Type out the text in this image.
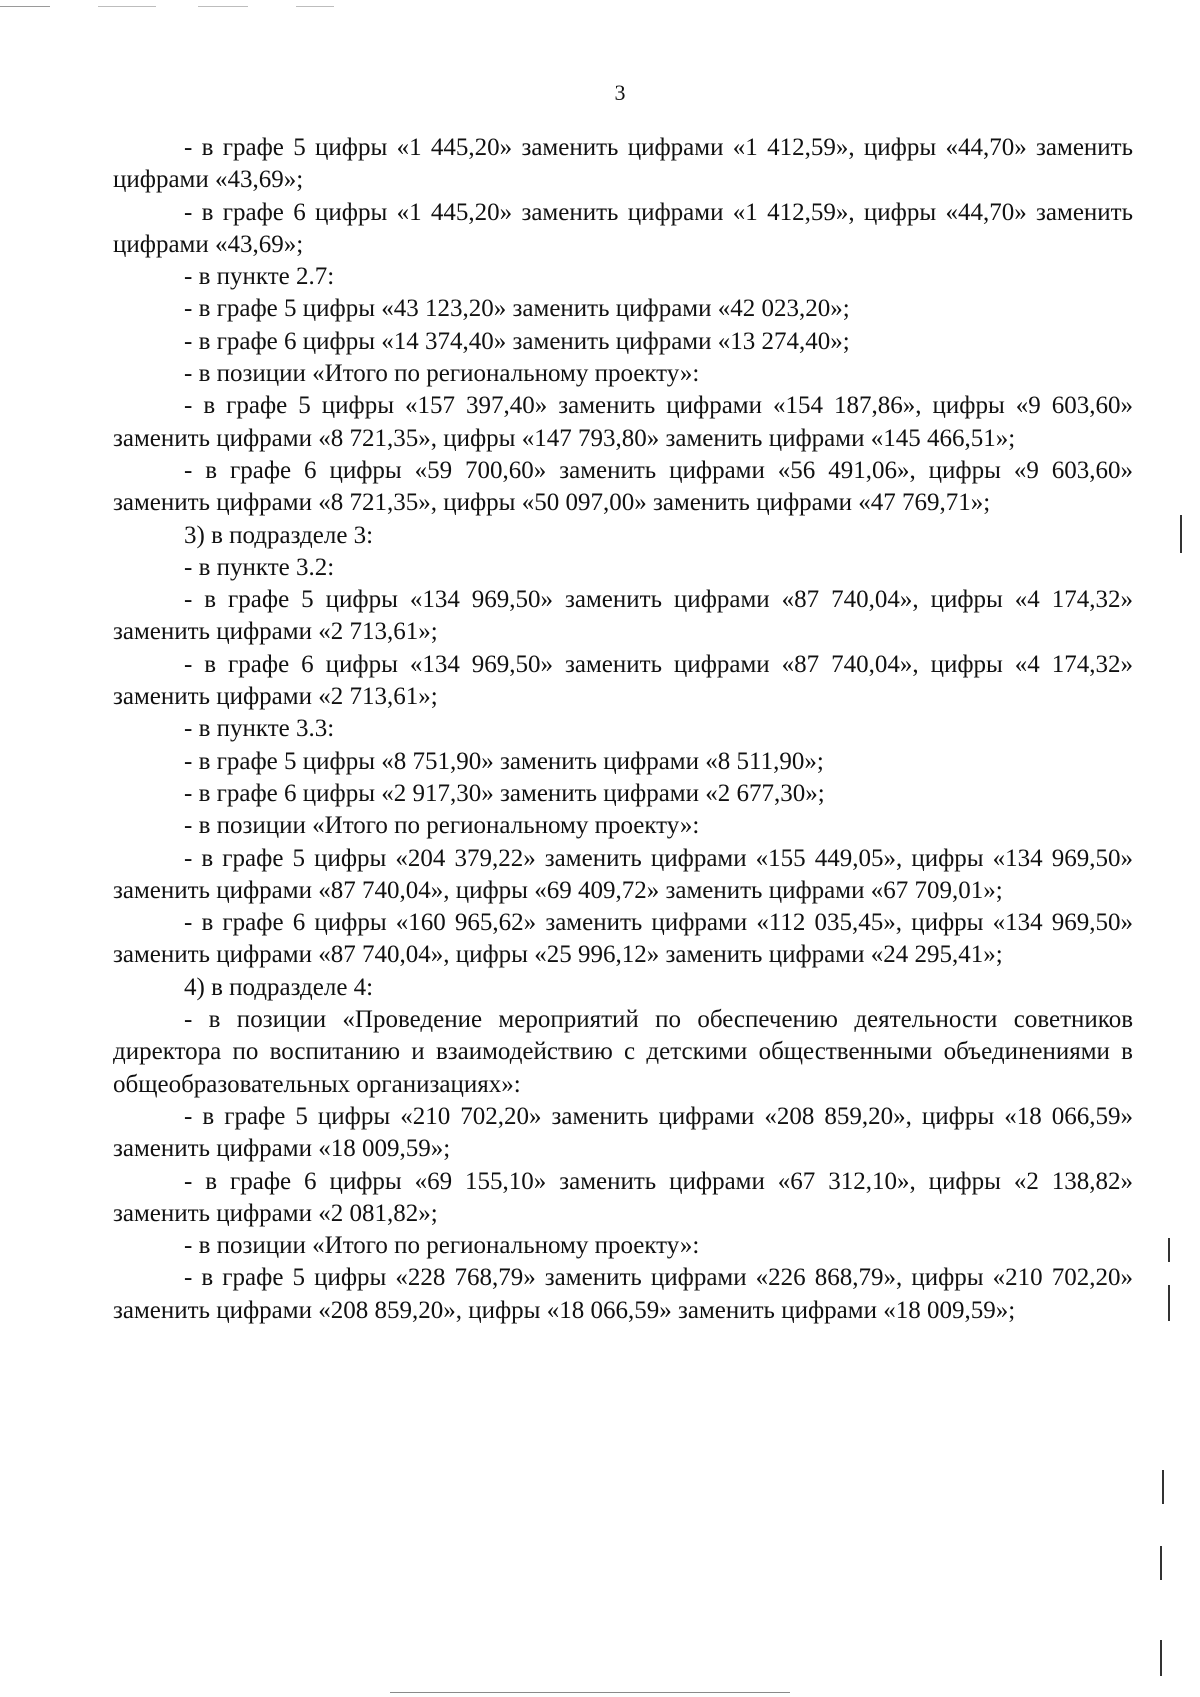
3

- в графе 5 цифры «1 445,20» заменить цифрами «1 412,59», цифры «44,70» заменить цифрами «43,69»;

- в графе 6 цифры «1 445,20» заменить цифрами «1 412,59», цифры «44,70» заменить цифрами «43,69»;

- в пункте 2.7:

- в графе 5 цифры «43 123,20» заменить цифрами «42 023,20»;

- в графе 6 цифры «14 374,40» заменить цифрами «13 274,40»;

- в позиции «Итого по региональному проекту»:

- в графе 5 цифры «157 397,40» заменить цифрами «154 187,86», цифры «9 603,60» заменить цифрами «8 721,35», цифры «147 793,80» заменить цифрами «145 466,51»;

- в графе 6 цифры «59 700,60» заменить цифрами «56 491,06», цифры «9 603,60» заменить цифрами «8 721,35», цифры «50 097,00» заменить цифрами «47 769,71»;

3) в подразделе 3:

- в пункте 3.2:

- в графе 5 цифры «134 969,50» заменить цифрами «87 740,04», цифры «4 174,32» заменить цифрами «2 713,61»;

- в графе 6 цифры «134 969,50» заменить цифрами «87 740,04», цифры «4 174,32» заменить цифрами «2 713,61»;

- в пункте 3.3:

- в графе 5 цифры «8 751,90» заменить цифрами «8 511,90»;

- в графе 6 цифры «2 917,30» заменить цифрами «2 677,30»;

- в позиции «Итого по региональному проекту»:

- в графе 5 цифры «204 379,22» заменить цифрами «155 449,05», цифры «134 969,50» заменить цифрами «87 740,04», цифры «69 409,72» заменить цифрами «67 709,01»;

- в графе 6 цифры «160 965,62» заменить цифрами «112 035,45», цифры «134 969,50» заменить цифрами «87 740,04», цифры «25 996,12» заменить цифрами «24 295,41»;

4) в подразделе 4:

- в позиции «Проведение мероприятий по обеспечению деятельности советников директора по воспитанию и взаимодействию с детскими общественными объединениями в общеобразовательных организациях»:

- в графе 5 цифры «210 702,20» заменить цифрами «208 859,20», цифры «18 066,59» заменить цифрами «18 009,59»;

- в графе 6 цифры «69 155,10» заменить цифрами «67 312,10», цифры «2 138,82» заменить цифрами «2 081,82»;

- в позиции «Итого по региональному проекту»:

- в графе 5 цифры «228 768,79» заменить цифрами «226 868,79», цифры «210 702,20» заменить цифрами «208 859,20», цифры «18 066,59» заменить цифрами «18 009,59»;
